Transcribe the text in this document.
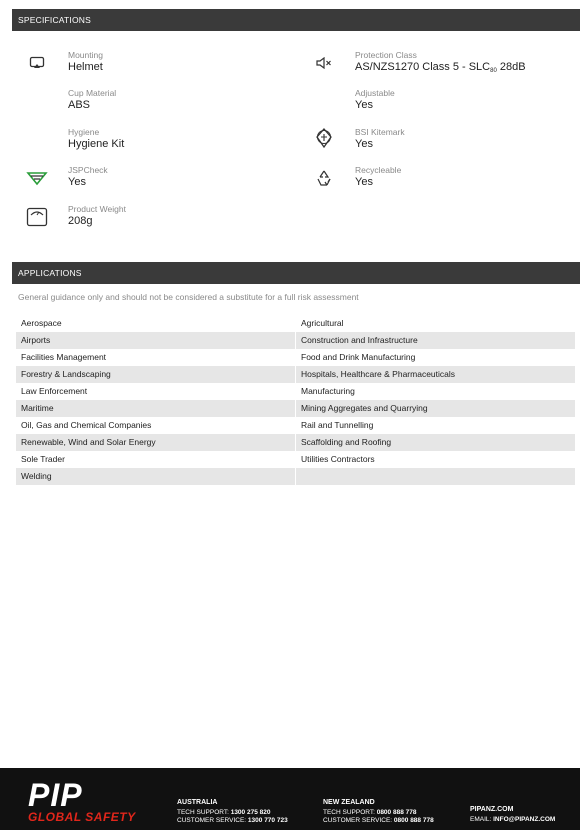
SPECIFICATIONS
Mounting
Helmet
Protection Class
AS/NZS1270 Class $5 - SLC_{80}$ 28dB
Cup Material
ABS
Adjustable
Yes
Hygiene
Hygiene Kit
BSI Kitemark
Yes
JSPCheck
Yes
Recycleable
Yes
Product Weight
208g
APPLICATIONS
General guidance only and should not be considered a substitute for a full risk assessment
Aerospace	Agricultural
Airports	Construction and Infrastructure
Facilities Management	Food and Drink Manufacturing
Forestry & Landscaping	Hospitals, Healthcare & Pharmaceuticals
Law Enforcement	Manufacturing
Maritime	Mining Aggregates and Quarrying
Oil, Gas and Chemical Companies	Rail and Tunnelling
Renewable, Wind and Solar Energy	Scaffolding and Roofing
Sole Trader	Utilities Contractors
Welding
PIP
GLOBAL SAFETY
AUSTRALIA
TECH SUPPORT: 1300 275 820
CUSTOMER SERVICE: 1300 770 723
NEW ZEALAND
TECH SUPPORT: 0800 888 778
CUSTOMER SERVICE: 0800 888 778
PIPANZ.COM
EMAIL: INFO@PIPANZ.COM
